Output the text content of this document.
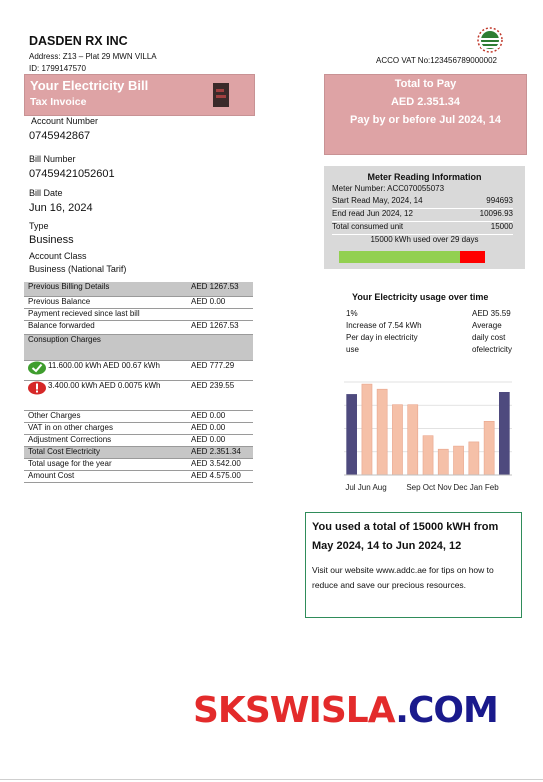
DASDEN RX INC
Address: Z13 – Plat 29 MWN VILLA
ID: 1799147570
ACCO VAT No:123456789000002
Your Electricity Bill
Tax Invoice
Account Number
0745942867
Bill Number
07459421052601
Bill Date
Jun 16, 2024
Type
Business
Account Class
Business (National Tarif)
Total to Pay
AED 2.351.34
Pay by or before Jul 2024, 14
Meter Reading Information
Meter Number: ACC070055073
Start Read May, 2024, 14	994693
End read Jun 2024, 12	10096.93
Total consumed unit	15000
15000 kWh used over 29 days
Previous Billing Details	AED 1267.53
Previous Balance	AED 0.00
Payment recieved since last bill	
Balance forwarded	AED 1267.53
Consuption Charges	
11.600.00 kWh AED 00.67 kWh	AED 777.29
3.400.00 kWh AED 0.0075 kWh	AED 239.55
Other Charges	AED 0.00
VAT in on other charges	AED 0.00
Adjustment Corrections	AED 0.00
Total Cost Electricity	AED 2.351.34
Total usage for the year	AED 3.542.00
Amount Cost	AED 4.575.00
Your Electricity usage over time
1%
Increase of 7.54 kWh
Per day in electricity
use
AED 35.59
Average
daily cost
ofelectricity
Jul Jun Aug Sep Oct Nov Dec Jan Feb
You used a total of 15000 kWH from May 2024, 14 to Jun 2024, 12
Visit our website www.addc.ae for tips on how to reduce and save our precious resources.
SKSWISLA.COM
